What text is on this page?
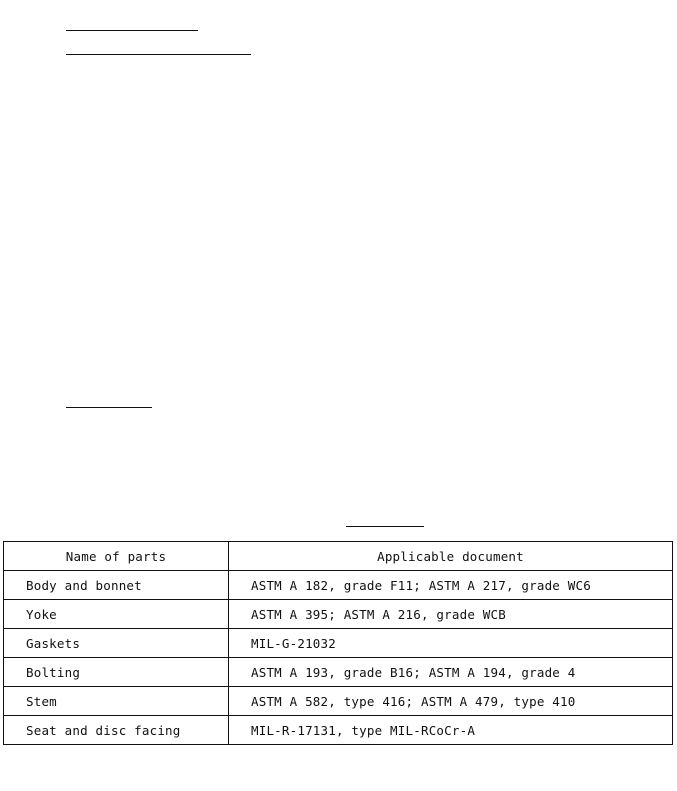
Name of parts	Applicable document
Body and bonnet	ASTM A 182, grade F11; ASTM A 217, grade WC6
Yoke	ASTM A 395; ASTM A 216, grade WCB
Gaskets	MIL-G-21032
Bolting	ASTM A 193, grade B16; ASTM A 194, grade 4
Stem	ASTM A 582, type 416; ASTM A 479, type 410
Seat and disc facing	MIL-R-17131, type MIL-RCoCr-A
